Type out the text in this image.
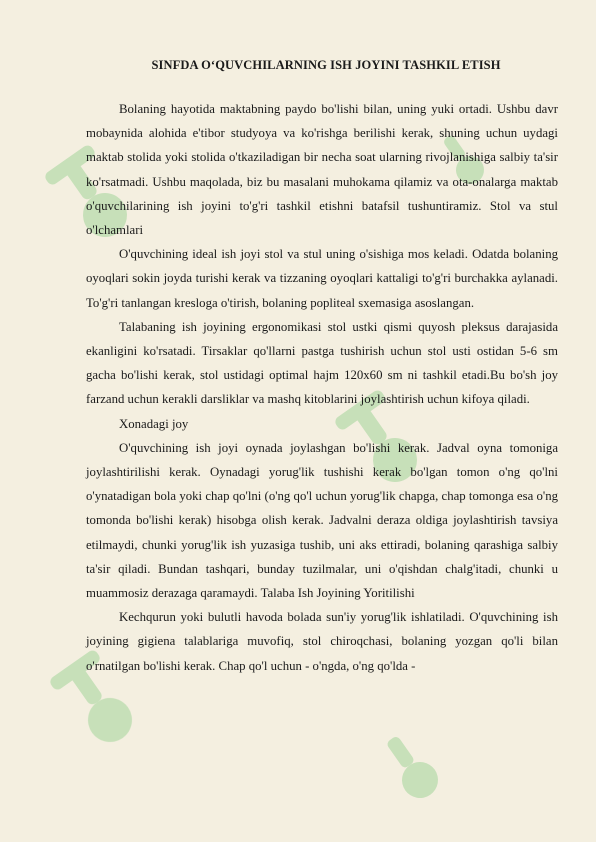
SINFDA O‘QUVCHILARNING ISH JOYINI TASHKIL ETISH

Bolaning hayotida maktabning paydo bo'lishi bilan, uning yuki ortadi. Ushbu davr mobaynida alohida e'tibor studyoya va ko'rishga berilishi kerak, shuning uchun uydagi maktab stolida yoki stolida o'tkaziladigan bir necha soat ularning rivojlanishiga salbiy ta'sir ko'rsatmadi. Ushbu maqolada, biz bu masalani muhokama qilamiz va ota-onalarga maktab o'quvchilarining ish joyini to'g'ri tashkil etishni batafsil tushuntiramiz. Stol va stul o'lchamlari

O'quvchining ideal ish joyi stol va stul uning o'sishiga mos keladi. Odatda bolaning oyoqlari sokin joyda turishi kerak va tizzaning oyoqlari kattaligi to'g'ri burchakka aylanadi. To'g'ri tanlangan kresloga o'tirish, bolaning popliteal sxemasiga asoslangan.

Talabaning ish joyining ergonomikasi stol ustki qismi quyosh pleksus darajasida ekanligini ko'rsatadi. Tirsaklar qo'llarni pastga tushirish uchun stol usti ostidan 5-6 sm gacha bo'lishi kerak, stol ustidagi optimal hajm 120x60 sm ni tashkil etadi.Bu bo'sh joy farzand uchun kerakli darsliklar va mashq kitoblarini joylashtirish uchun kifoya qiladi.

Xonadagi joy

O'quvchining ish joyi oynada joylashgan bo'lishi kerak. Jadval oyna tomoniga joylashtirilishi kerak. Oynadagi yorug'lik tushishi kerak bo'lgan tomon o'ng qo'lni o'ynatadigan bola yoki chap qo'lni (o'ng qo'l uchun yorug'lik chapga, chap tomonga esa o'ng tomonda bo'lishi kerak) hisobga olish kerak. Jadvalni deraza oldiga joylashtirish tavsiya etilmaydi, chunki yorug'lik ish yuzasiga tushib, uni aks ettiradi, bolaning qarashiga salbiy ta'sir qiladi. Bundan tashqari, bunday tuzilmalar, uni o'qishdan chalg'itadi, chunki u muammosiz derazaga qaramaydi. Talaba Ish Joyining Yoritilishi

Kechqurun yoki bulutli havoda bolada sun'iy yorug'lik ishlatiladi. O'quvchining ish joyining gigiena talablariga muvofiq, stol chiroqchasi, bolaning yozgan qo'li bilan o'rnatilgan bo'lishi kerak. Chap qo'l uchun - o'ngda, o'ng qo'lda -
